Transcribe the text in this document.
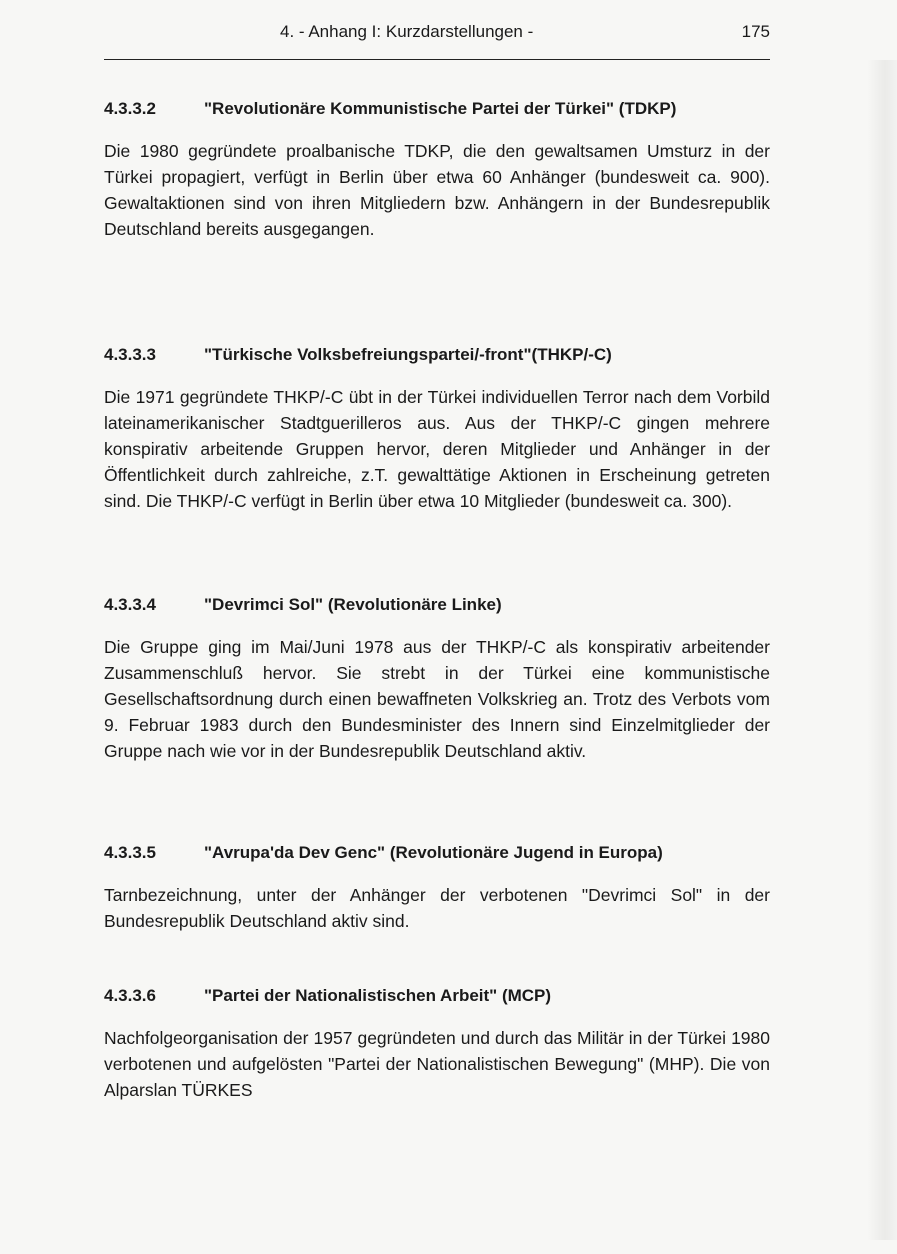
4. - Anhang I: Kurzdarstellungen -	175
4.3.3.2	"Revolutionäre Kommunistische Partei der Türkei" (TDKP)
Die 1980 gegründete proalbanische TDKP, die den gewaltsamen Umsturz in der Türkei propagiert, verfügt in Berlin über etwa 60 Anhänger (bundesweit ca. 900). Gewaltaktionen sind von ihren Mitgliedern bzw. Anhängern in der Bundesrepublik Deutschland bereits ausgegangen.
4.3.3.3	"Türkische Volksbefreiungspartei/-front"(THKP/-C)
Die 1971 gegründete THKP/-C übt in der Türkei individuellen Terror nach dem Vorbild lateinamerikanischer Stadtguerilleros aus. Aus der THKP/-C gingen mehrere konspirativ arbeitende Gruppen hervor, deren Mitglieder und Anhänger in der Öffentlichkeit durch zahlreiche, z.T. gewalttätige Aktionen in Erscheinung getreten sind. Die THKP/-C verfügt in Berlin über etwa 10 Mitglieder (bundesweit ca. 300).
4.3.3.4	"Devrimci Sol" (Revolutionäre Linke)
Die Gruppe ging im Mai/Juni 1978 aus der THKP/-C als konspirativ arbeitender Zusammenschluß hervor. Sie strebt in der Türkei eine kommunistische Gesellschaftsordnung durch einen bewaffneten Volkskrieg an. Trotz des Verbots vom 9. Februar 1983 durch den Bundesminister des Innern sind Einzelmitglieder der Gruppe nach wie vor in der Bundesrepublik Deutschland aktiv.
4.3.3.5	"Avrupa'da Dev Genc" (Revolutionäre Jugend in Europa)
Tarnbezeichnung, unter der Anhänger der verbotenen "Devrimci Sol" in der Bundesrepublik Deutschland aktiv sind.
4.3.3.6	"Partei der Nationalistischen Arbeit" (MCP)
Nachfolgeorganisation der 1957 gegründeten und durch das Militär in der Türkei 1980 verbotenen und aufgelösten "Partei der Nationalistischen Bewegung" (MHP). Die von Alparslan TÜRKES
